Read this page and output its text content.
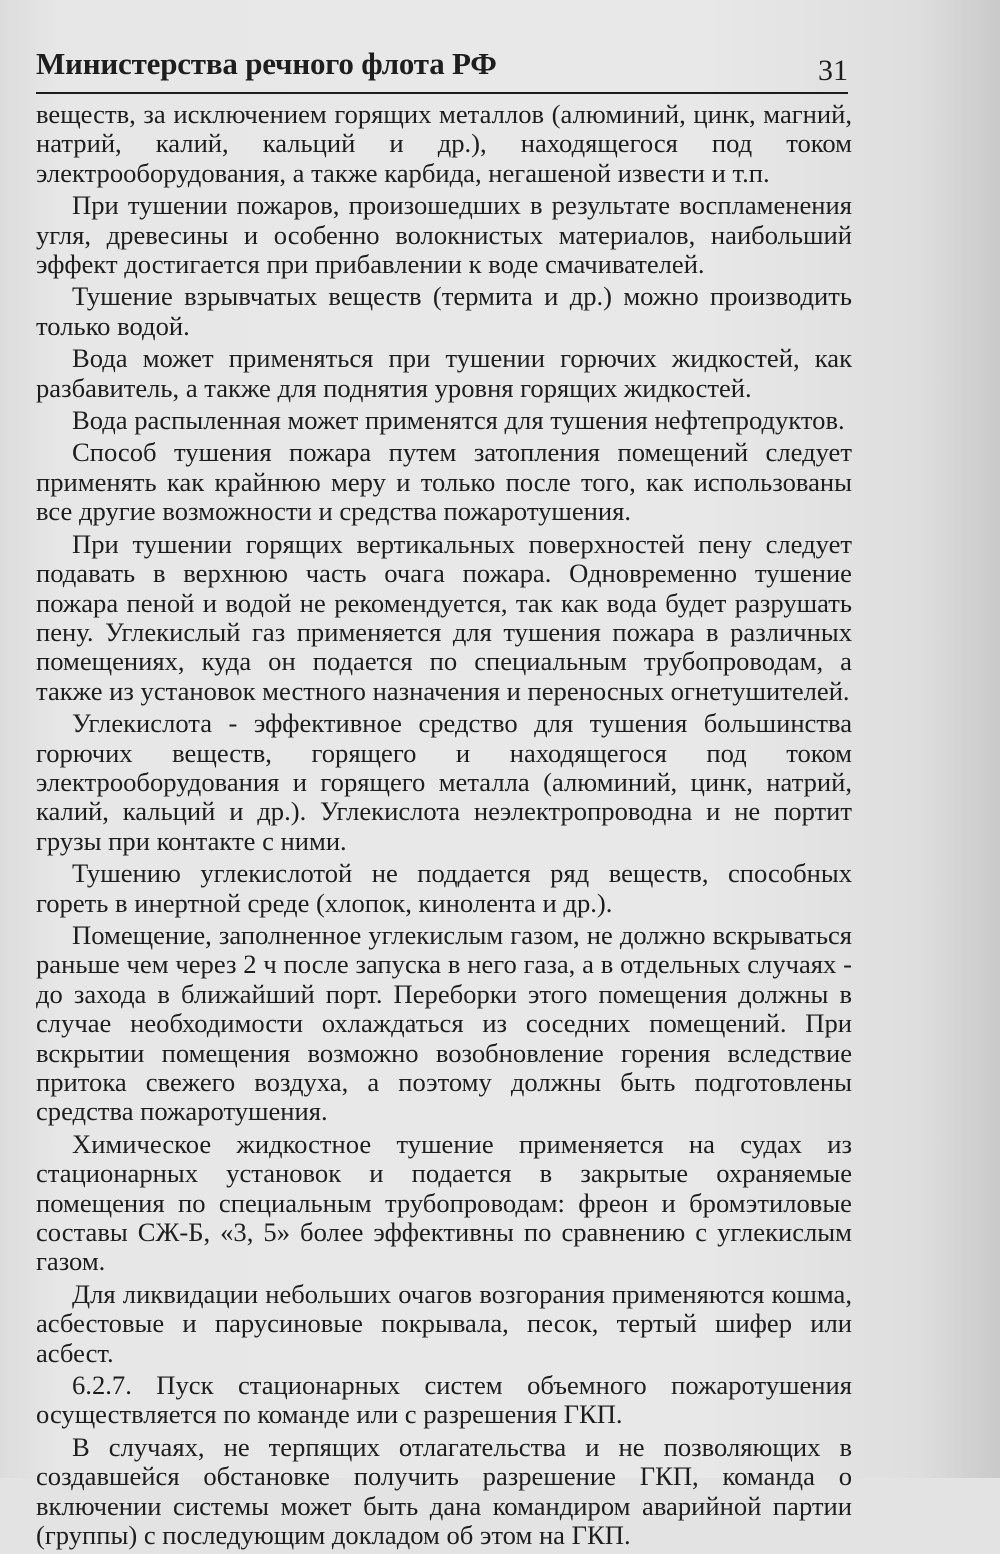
Министерства речного флота РФ	31

веществ, за исключением горящих металлов (алюминий, цинк, магний, натрий, калий, кальций и др.), находящегося под током электрооборудования, а также карбида, негашеной извести и т.п.

При тушении пожаров, произошедших в результате воспламенения угля, древесины и особенно волокнистых материалов, наибольший эффект достигается при прибавлении к воде смачивателей.

Тушение взрывчатых веществ (термита и др.) можно производить только водой.

Вода может применяться при тушении горючих жидкостей, как разбавитель, а также для поднятия уровня горящих жидкостей.

Вода распыленная может применятся для тушения нефтепродуктов.

Способ тушения пожара путем затопления помещений следует применять как крайнюю меру и только после того, как использованы все другие возможности и средства пожаротушения.

При тушении горящих вертикальных поверхностей пену следует подавать в верхнюю часть очага пожара. Одновременно тушение пожара пеной и водой не рекомендуется, так как вода будет разрушать пену. Углекислый газ применяется для тушения пожара в различных помещениях, куда он подается по специальным трубопроводам, а также из установок местного назначения и переносных огнетушителей.

Углекислота - эффективное средство для тушения большинства горючих веществ, горящего и находящегося под током электрооборудования и горящего металла (алюминий, цинк, натрий, калий, кальций и др.). Углекислота неэлектропроводна и не портит грузы при контакте с ними.

Тушению углекислотой не поддается ряд веществ, способных гореть в инертной среде (хлопок, кинолента и др.).

Помещение, заполненное углекислым газом, не должно вскрываться раньше чем через 2 ч после запуска в него газа, а в отдельных случаях - до захода в ближайший порт. Переборки этого помещения должны в случае необходимости охлаждаться из соседних помещений. При вскрытии помещения возможно возобновление горения вследствие притока свежего воздуха, а поэтому должны быть подготовлены средства пожаротушения.

Химическое жидкостное тушение применяется на судах из стационарных установок и подается в закрытые охраняемые помещения по специальным трубопроводам: фреон и бромэтиловые составы СЖ-Б, «3, 5» более эффективны по сравнению с углекислым газом.

Для ликвидации небольших очагов возгорания применяются кошма, асбестовые и парусиновые покрывала, песок, тертый шифер или асбест.

6.2.7. Пуск стационарных систем объемного пожаротушения осуществляется по команде или с разрешения ГКП.

В случаях, не терпящих отлагательства и не позволяющих в создавшейся обстановке получить разрешение ГКП, команда о включении системы может быть дана командиром аварийной партии (группы) с последующим докладом об этом на ГКП.
